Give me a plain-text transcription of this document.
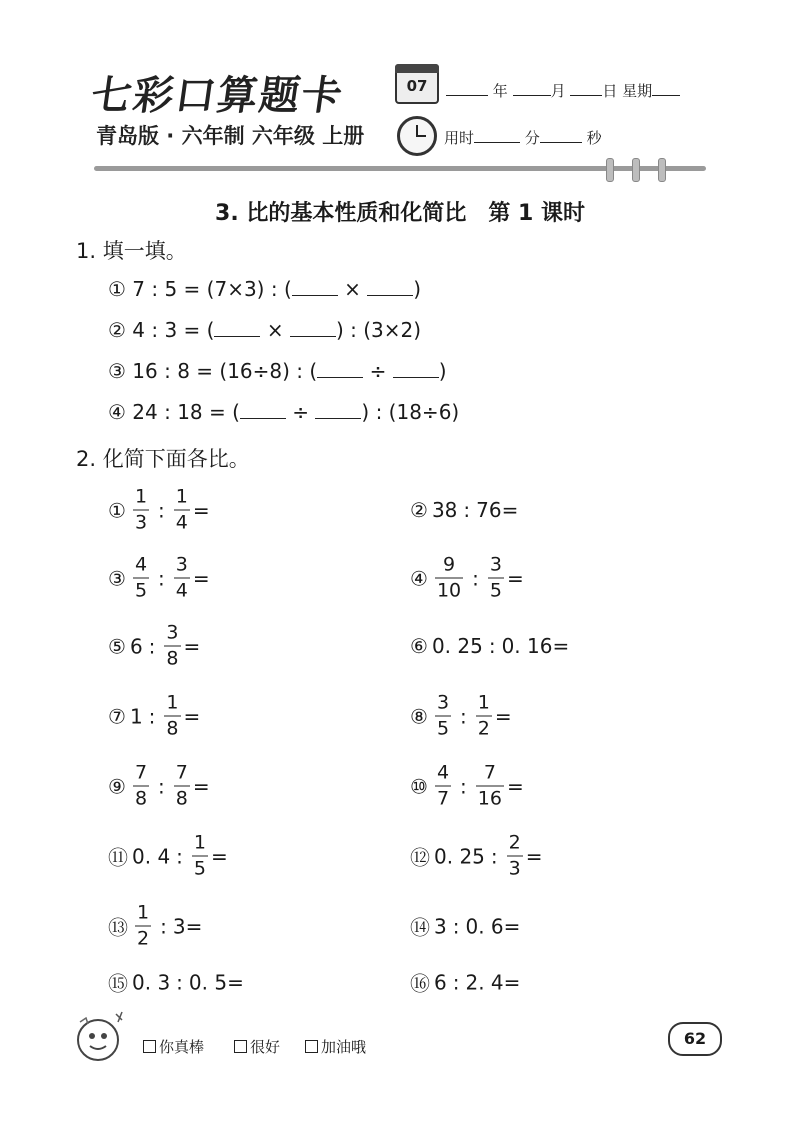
七彩口算题卡
青岛版 · 六年制 六年级 上册
07	年	月 日 星期
用时	分	秒
3. 比的基本性质和化简比　第 1 课时
1. 填一填。
① 7 : 5 = (7×3) : (	×	)
② 4 : 3 = (	×	) : (3×2)
③ 16 : 8 = (16÷8) : (	÷	)
④ 24 : 18 = (	÷	) : (18÷6)
2. 化简下面各比。
① $\frac{1}{3}$ : $\frac{1}{4}$ =	② 38 : 76 =
③ $\frac{4}{5}$ : $\frac{3}{4}$ =	④ $\frac{9}{10}$ : $\frac{3}{5}$ =
⑤ 6 : $\frac{3}{8}$ =	⑥ 0. 25 : 0. 16 =
⑦ 1 : $\frac{1}{8}$ =	⑧ $\frac{3}{5}$ : $\frac{1}{2}$ =
⑨ $\frac{7}{8}$ : $\frac{7}{8}$ =	⑩ $\frac{4}{7}$ : $\frac{7}{16}$ =
⑪ 0. 4 : $\frac{1}{5}$ =	⑫ 0. 25 : $\frac{2}{3}$ =
⑬ $\frac{1}{2}$ : 3 =	⑭ 3 : 0. 6 =
⑮ 0. 3 : 0. 5 =	⑯ 6 : 2. 4 =
你真棒	很好	加油哦	62
